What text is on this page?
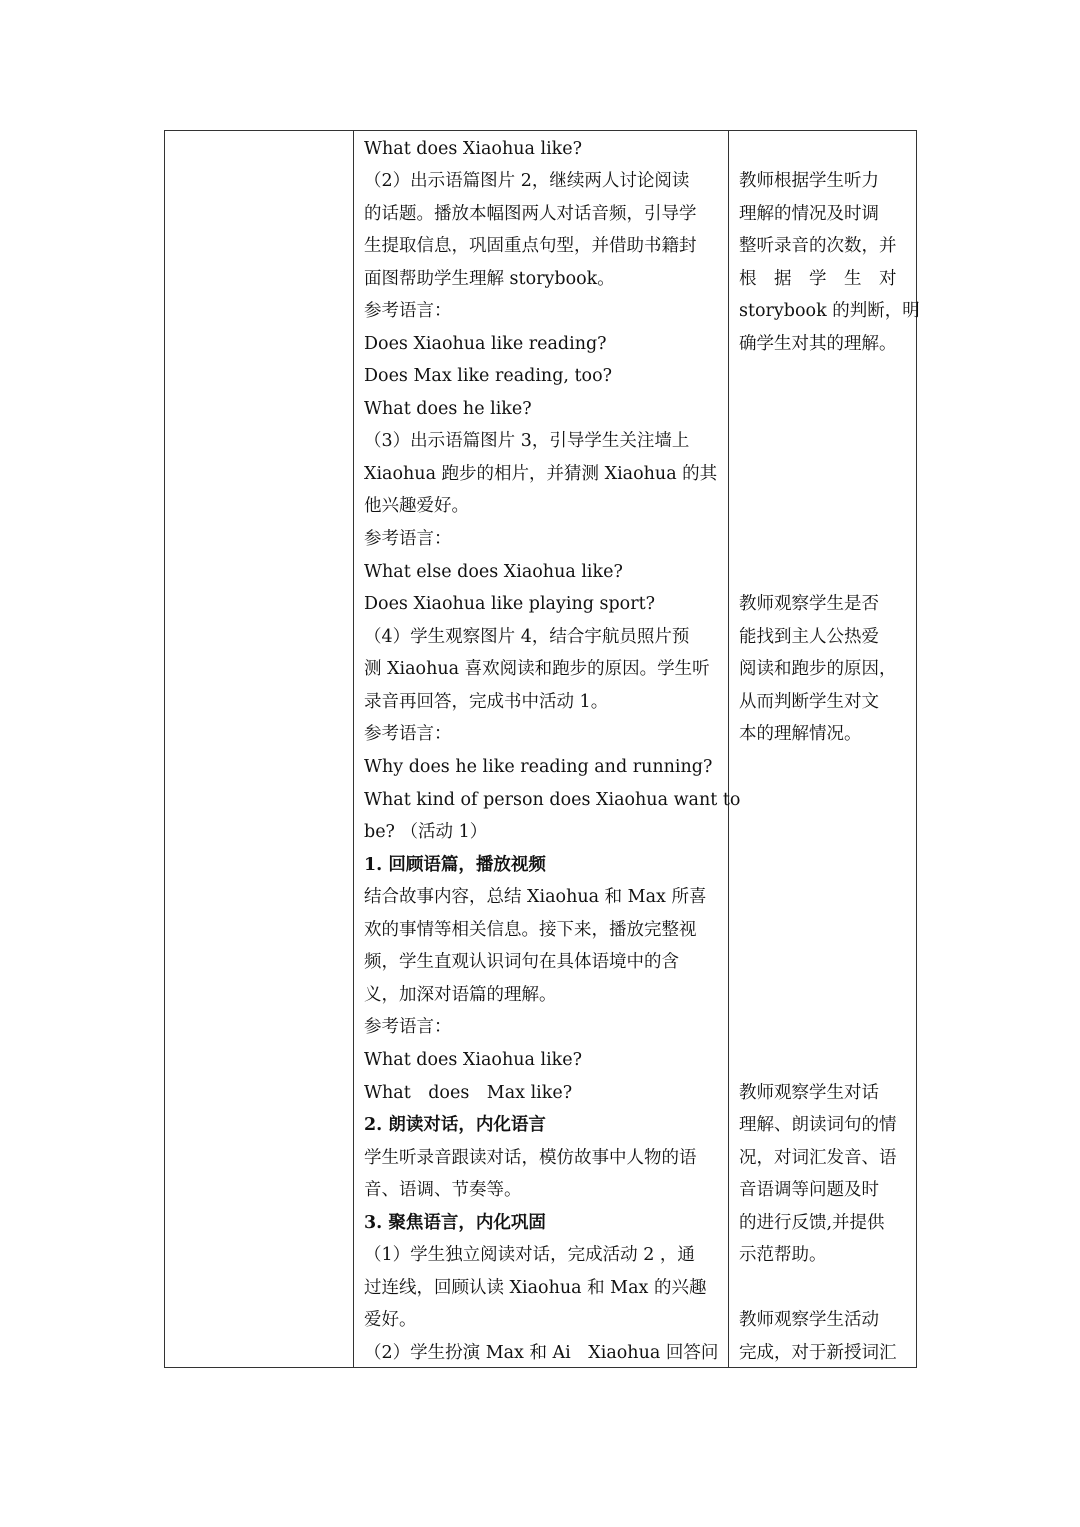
What does Xiaohua like?
（2）出示语篇图片 2，继续两人讨论阅读
的话题。播放本幅图两人对话音频，引导学
生提取信息，巩固重点句型，并借助书籍封
面图帮助学生理解 storybook。
参考语言：
Does Xiaohua like reading?
Does Max like reading, too?
What does he like?
（3）出示语篇图片 3，引导学生关注墙上
Xiaohua 跑步的相片，并猜测 Xiaohua 的其
他兴趣爱好。
参考语言：
What else does Xiaohua like?
Does Xiaohua like playing sport?
（4）学生观察图片 4，结合宇航员照片预
测 Xiaohua 喜欢阅读和跑步的原因。学生听
录音再回答，完成书中活动 1。
参考语言：
Why does he like reading and running?
What kind of person does Xiaohua want to
be? （活动 1）
1. 回顾语篇，播放视频
结合故事内容，总结 Xiaohua 和 Max 所喜
欢的事情等相关信息。接下来，播放完整视
频，学生直观认识词句在具体语境中的含
义，加深对语篇的理解。
参考语言：
What does Xiaohua like?
What　does　Max like?
2. 朗读对话，内化语言
学生听录音跟读对话，模仿故事中人物的语
音、语调、节奏等。
3. 聚焦语言，内化巩固
（1）学生独立阅读对话，完成活动 2 ，通
过连线，回顾认读 Xiaohua 和 Max 的兴趣
爱好。
（2）学生扮演 Max 和 Ai　Xiaohua 回答问
教师根据学生听力
理解的情况及时调
整听录音的次数，并
根　据　学　生　对
storybook 的判断，明
确学生对其的理解。
教师观察学生是否
能找到主人公热爱
阅读和跑步的原因，
从而判断学生对文
本的理解情况。
教师观察学生对话
理解、朗读词句的情
况，对词汇发音、语
音语调等问题及时
的进行反馈,并提供
示范帮助。
教师观察学生活动
完成，对于新授词汇
